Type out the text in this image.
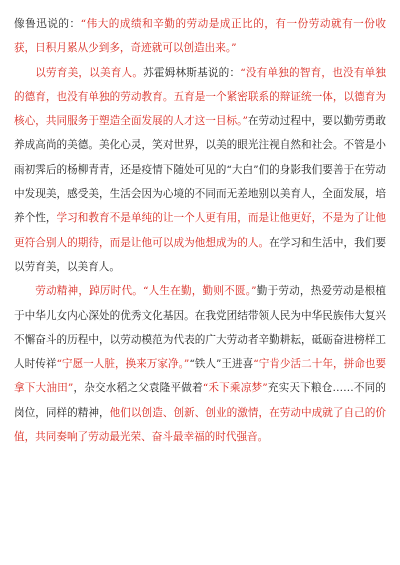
像鲁迅说的：“伟大的成绩和辛勤的劳动是成正比的，有一份劳动就有一份收获，日积月累从少到多，奇迹就可以创造出来。”

以劳育美，以美育人。苏霍姆林斯基说的：“没有单独的智育，也没有单独的德育，也没有单独的劳动教育。五育是一个紧密联系的辩证统一体，以德育为核心，共同服务于塑造全面发展的人才这一目标。”在劳动过程中，要以勤劳勇敢养成高尚的美德。美化心灵，笑对世界，以美的眼光注视自然和社会。不管是小雨初霁后的杨柳青青，还是疫情下随处可见的“大白”们的身影我们要善于在劳动中发现美，感受美，生活会因为心境的不同而无差地别以美育人，全面发展，培养个性，学习和教育不是单纯的让一个人更有用，而是让他更好，不是为了让他更符合别人的期待，而是让他可以成为他想成为的人。在学习和生活中，我们要以劳育美，以美育人。

劳动精神，踔厉时代。“人生在勤，勤则不匮。”勤于劳动，热爱劳动是根植于中华儿女内心深处的优秀文化基因。在我党团结带领人民为中华民族伟大复兴不懈奋斗的历程中，以劳动模范为代表的广大劳动者辛勤耕耘，砥砺奋进榜样工人时传祥“宁愿一人脏，换来万家净。”“铁人”王进喜“宁肯少活二十年，拼命也要拿下大油田”，杂交水稻之父袁隆平做着“禾下乘凉梦”充实天下粮仓……不同的岗位，同样的精神，他们以创造、创新、创业的激情，在劳动中成就了自己的价值，共同奏响了劳动最光荣、奋斗最幸福的时代强音。
